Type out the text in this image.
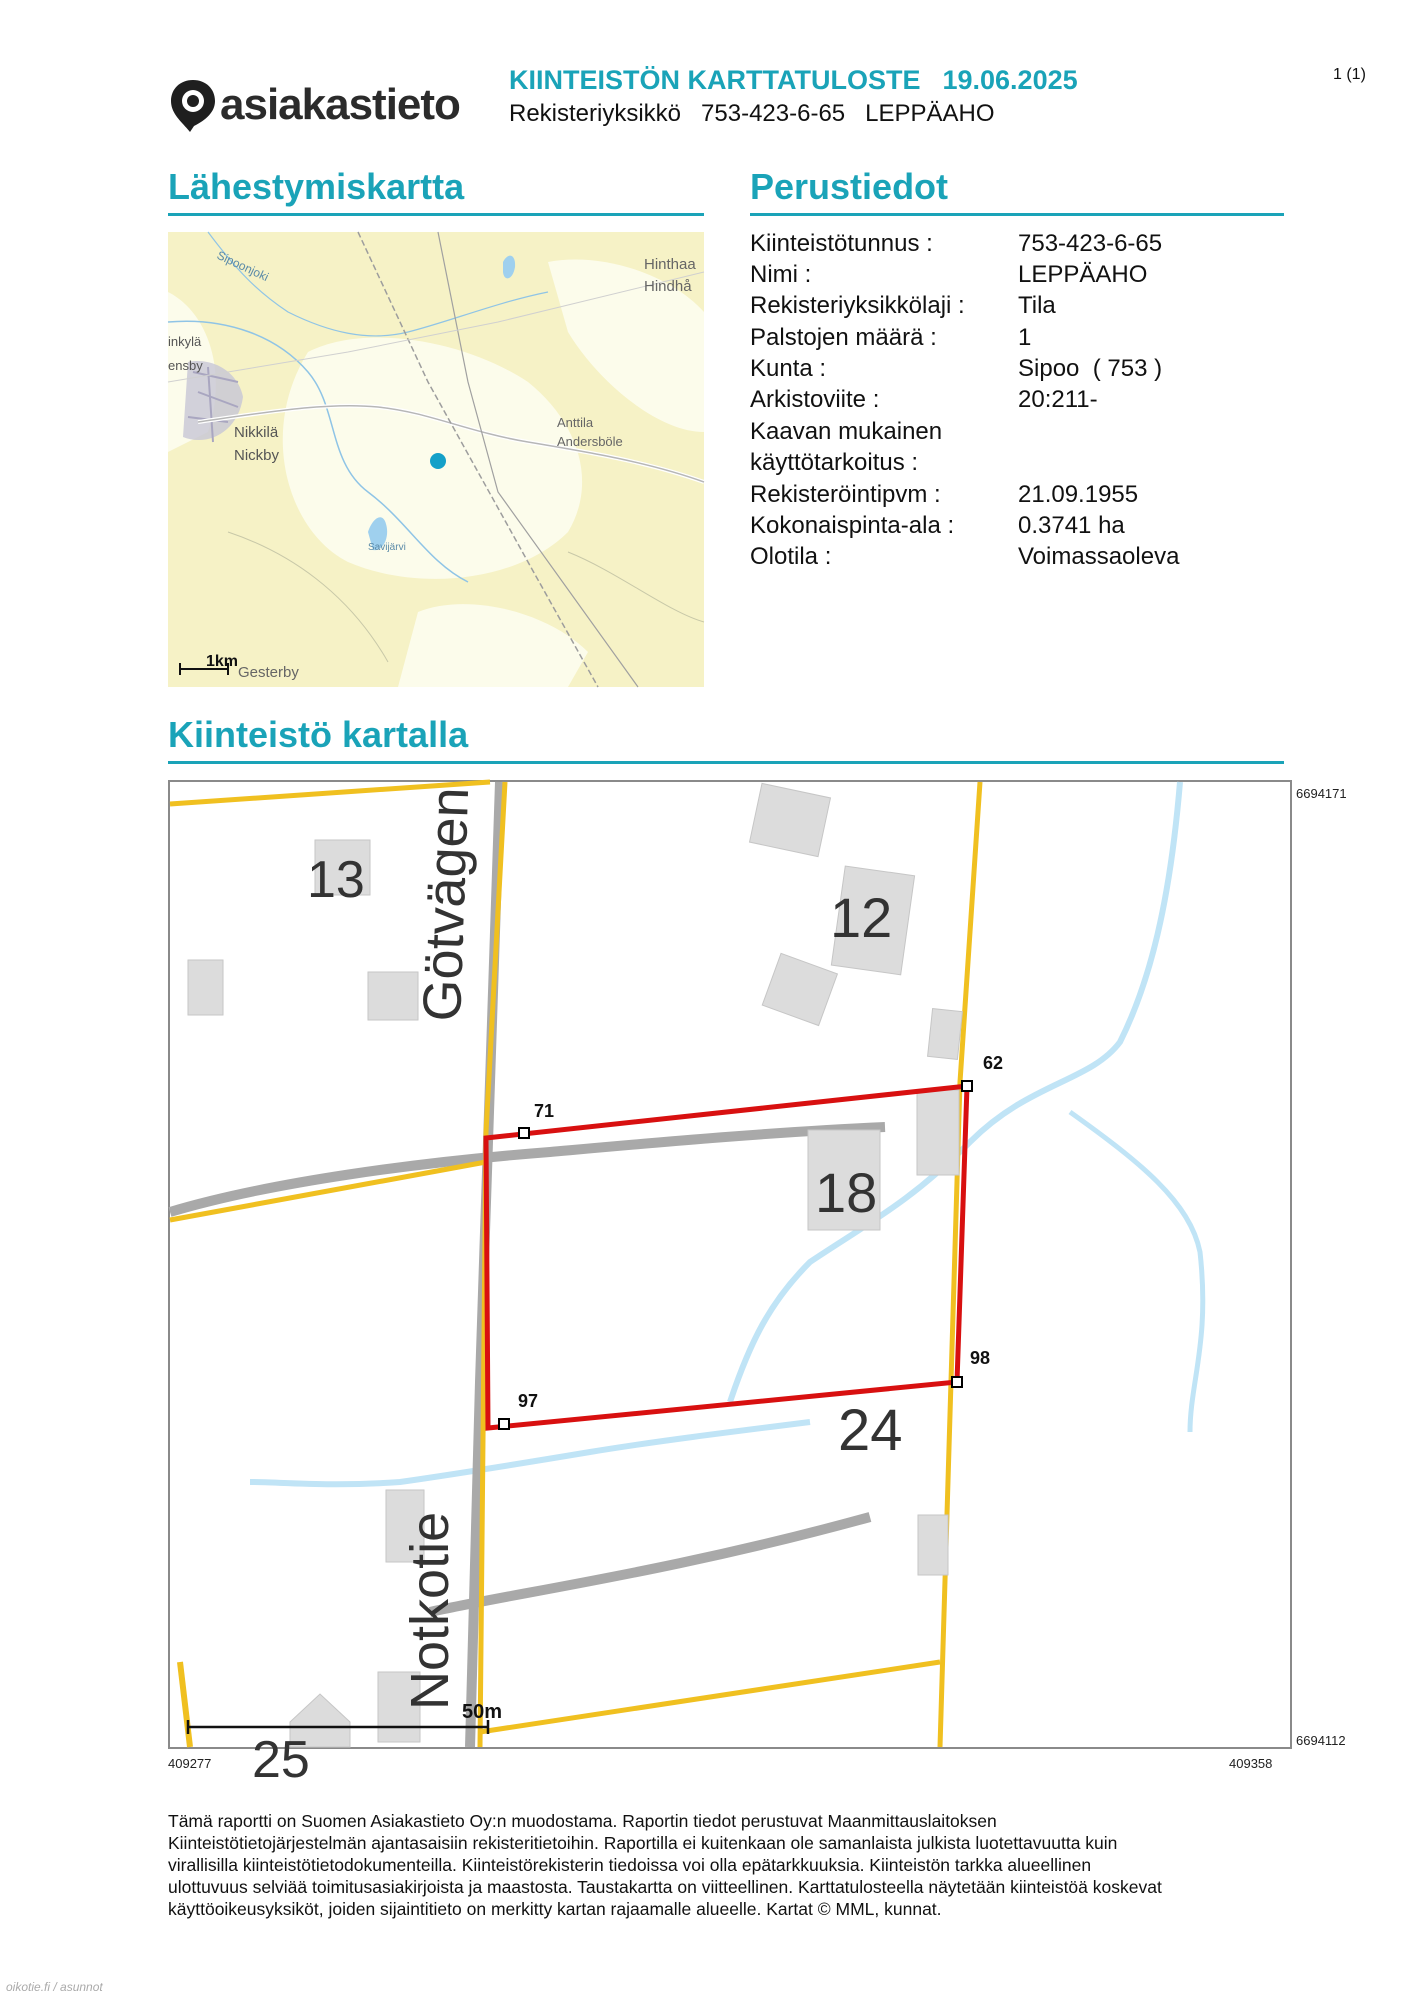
asiakastieto KIINTEISTÖN KARTTATULOSTE 19.06.2025
Rekisteriyksikkö 753-423-6-65 LEPPÄAHO
1 (1)
Lähestymiskartta	Perustiedot
Sipoonjoki	Hinthaa
Hindhå
inkylä
ensby
Nikkilä
Nickby
Anttila
Andersböle
Savijärvi
Gesterby
1km
Kiinteistötunnus :	753-423-6-65
Nimi :	LEPPÄAHO
Rekisteriyksikkölaji : Tila
Palstojen määrä :	1
Kunta :	Sipoo  ( 753 )
Arkistoviite :	20:211-
Kaavan mukainen
käyttötarkoitus :
Rekisteröintipvm :	21.09.1955
Kokonaispinta-ala :	0.3741 ha
Olotila :	Voimassaoleva
Kiinteistö kartalla
13
12
18
24
25
Götvägen
Notkotie
71
62
98
97
50m
6694171
6694112
409277	409358
Tämä raportti on Suomen Asiakastieto Oy:n muodostama. Raportin tiedot perustuvat Maanmittauslaitoksen
Kiinteistötietojärjestelmän ajantasaisiin rekisteritietoihin. Raportilla ei kuitenkaan ole samanlaista julkista luotettavuutta kuin
virallisilla kiinteistötietodokumenteilla. Kiinteistörekisterin tiedoissa voi olla epätarkkuuksia. Kiinteistön tarkka alueellinen
ulottuvuus selviää toimitusasiakirjoista ja maastosta. Taustakartta on viitteellinen. Karttatulosteella näytetään kiinteistöä koskevat
käyttöoikeusyksiköt, joiden sijaintitieto on merkitty kartan rajaamalle alueelle. Kartat © MML, kunnat.
oikotie.fi / asunnot
